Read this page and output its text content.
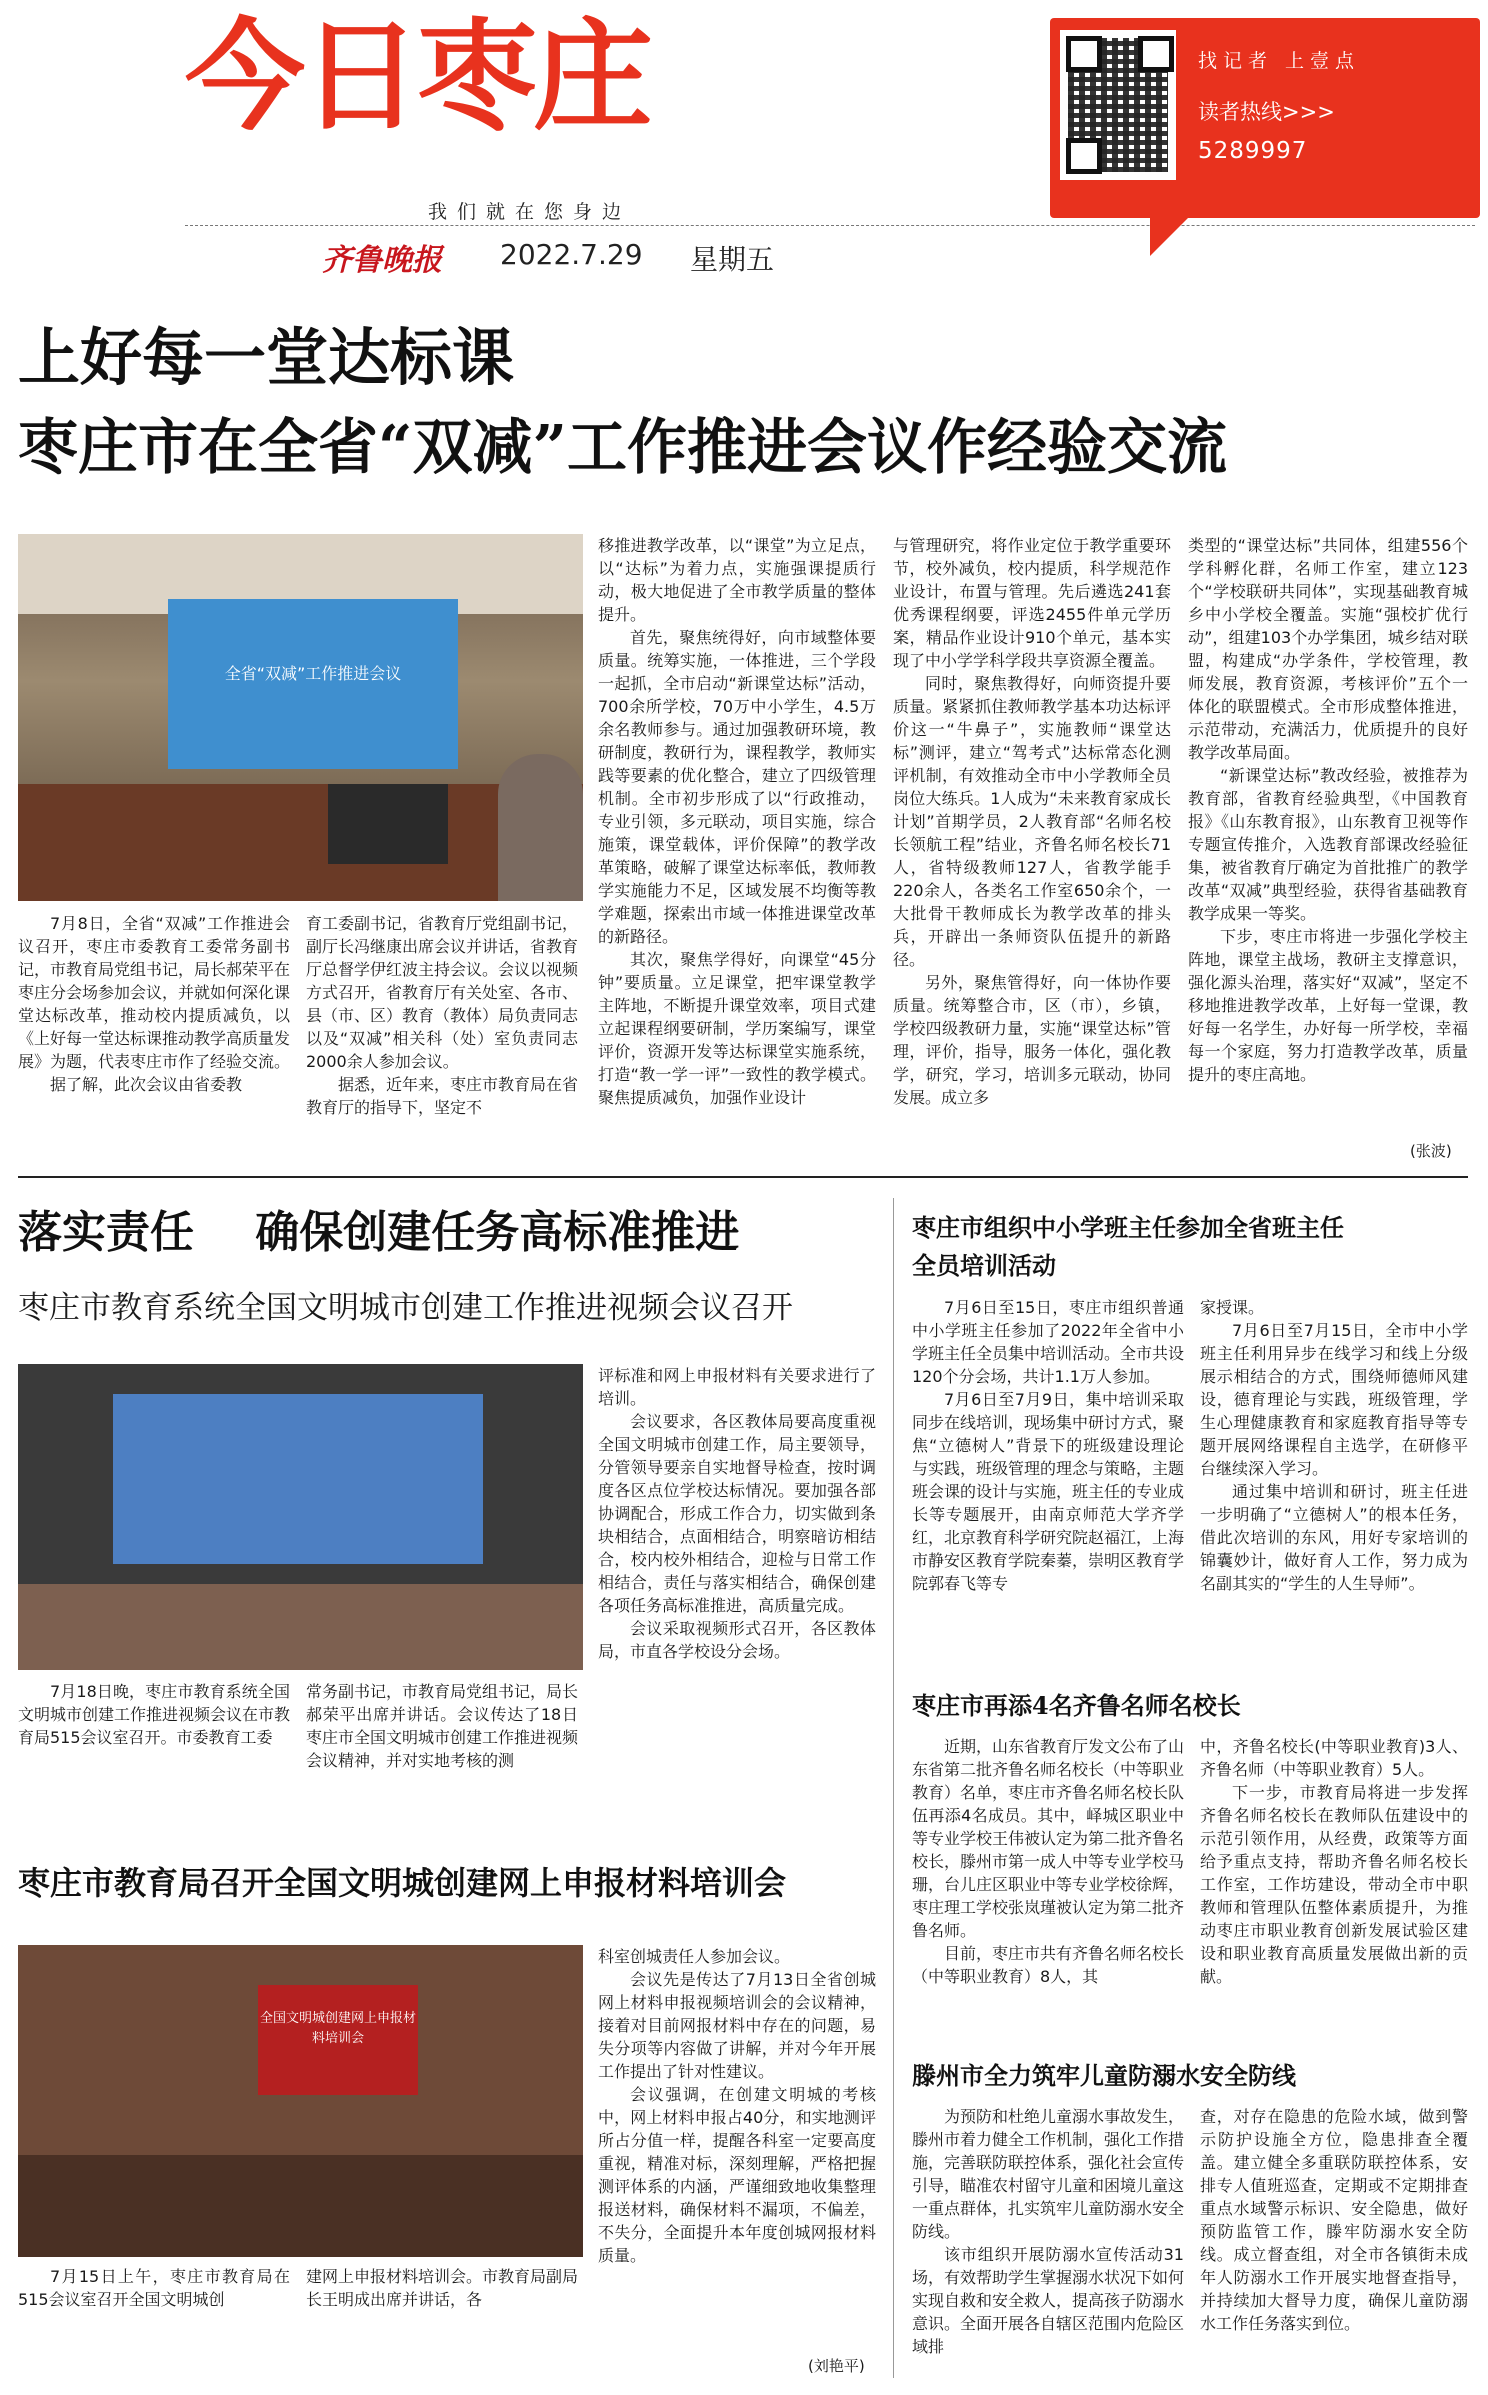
今日枣庄
我们就在您身边
齐鲁晚报 2022.7.29 星期五
找记者 上壹点
读者热线>>>
5289997
上好每一堂达标课
枣庄市在全省“双减”工作推进会议作经验交流
全省“双减”工作推进会议

7月8日，全省“双减”工作推进会议召开，枣庄市委教育工委常务副书记，市教育局党组书记，局长郝荣平在枣庄分会场参加会议，并就如何深化课堂达标改革，推动校内提质减负，以《上好每一堂达标课推动教学高质量发展》为题，代表枣庄市作了经验交流。

据了解，此次会议由省委教

育工委副书记，省教育厅党组副书记，副厅长冯继康出席会议并讲话，省教育厅总督学伊红波主持会议。会议以视频方式召开，省教育厅有关处室、各市、县（市、区）教育（教体）局负责同志以及“双减”相关科（处）室负责同志2000余人参加会议。

据悉，近年来，枣庄市教育局在省教育厅的指导下，坚定不

移推进教学改革，以“课堂”为立足点，以“达标”为着力点，实施强课提质行动，极大地促进了全市教学质量的整体提升。

首先，聚焦统得好，向市域整体要质量。统筹实施，一体推进，三个学段一起抓，全市启动“新课堂达标”活动，700余所学校，70万中小学生，4.5万余名教师参与。通过加强教研环境，教研制度，教研行为，课程教学，教师实践等要素的优化整合，建立了四级管理机制。全市初步形成了以“行政推动，专业引领，多元联动，项目实施，综合施策，课堂载体，评价保障”的教学改革策略，破解了课堂达标率低，教师教学实施能力不足，区域发展不均衡等教学难题，探索出市域一体推进课堂改革的新路径。

其次，聚焦学得好，向课堂“45分钟”要质量。立足课堂，把牢课堂教学主阵地，不断提升课堂效率，项目式建立起课程纲要研制，学历案编写，课堂评价，资源开发等达标课堂实施系统，打造“教一学一评”一致性的教学模式。聚焦提质减负，加强作业设计

与管理研究，将作业定位于教学重要环节，校外减负，校内提质，科学规范作业设计，布置与管理。先后遴选241套优秀课程纲要，评选2455件单元学历案，精品作业设计910个单元，基本实现了中小学学科学段共享资源全覆盖。

同时，聚焦教得好，向师资提升要质量。紧紧抓住教师教学基本功达标评价这一“牛鼻子”，实施教师“课堂达标”测评，建立“驾考式”达标常态化测评机制，有效推动全市中小学教师全员岗位大练兵。1人成为“未来教育家成长计划”首期学员，2人教育部“名师名校长领航工程”结业，齐鲁名师名校长71人，省特级教师127人，省教学能手220余人，各类名工作室650余个，一大批骨干教师成长为教学改革的排头兵，开辟出一条师资队伍提升的新路径。

另外，聚焦管得好，向一体协作要质量。统筹整合市，区（市），乡镇，学校四级教研力量，实施“课堂达标”管理，评价，指导，服务一体化，强化教学，研究，学习，培训多元联动，协同发展。成立多

类型的“课堂达标”共同体，组建556个学科孵化群，名师工作室，建立123个“学校联研共同体”，实现基础教育城乡中小学校全覆盖。实施“强校扩优行动”，组建103个办学集团，城乡结对联盟，构建成“办学条件，学校管理，教师发展，教育资源，考核评价”五个一体化的联盟模式。全市形成整体推进，示范带动，充满活力，优质提升的良好教学改革局面。

“新课堂达标”教改经验，被推荐为教育部，省教育经验典型，《中国教育报》《山东教育报》，山东教育卫视等作专题宣传推介，入选教育部课改经验征集，被省教育厅确定为首批推广的教学改革“双减”典型经验，获得省基础教育教学成果一等奖。

下步，枣庄市将进一步强化学校主阵地，课堂主战场，教研主支撑意识，强化源头治理，落实好“双减”，坚定不移地推进教学改革，上好每一堂课，教好每一名学生，办好每一所学校，幸福每一个家庭，努力打造教学改革，质量提升的枣庄高地。

(张波)
落实责任    确保创建任务高标准推进
枣庄市教育系统全国文明城市创建工作推进视频会议召开

7月18日晚，枣庄市教育系统全国文明城市创建工作推进视频会议在市教育局515会议室召开。市委教育工委

常务副书记，市教育局党组书记，局长郝荣平出席并讲话。会议传达了18日枣庄市全国文明城市创建工作推进视频会议精神，并对实地考核的测

评标准和网上申报材料有关要求进行了培训。

会议要求，各区教体局要高度重视全国文明城市创建工作，局主要领导，分管领导要亲自实地督导检查，按时调度各区点位学校达标情况。要加强各部协调配合，形成工作合力，切实做到条块相结合，点面相结合，明察暗访相结合，校内校外相结合，迎检与日常工作相结合，责任与落实相结合，确保创建各项任务高标准推进，高质量完成。

会议采取视频形式召开，各区教体局，市直各学校设分会场。

枣庄市教育局召开全国文明城创建网上申报材料培训会
全国文明城创建网上申报材料培训会

7月15日上午，枣庄市教育局在515会议室召开全国文明城创

建网上申报材料培训会。市教育局副局长王明成出席并讲话，各

科室创城责任人参加会议。

会议先是传达了7月13日全省创城网上材料申报视频培训会的会议精神，接着对目前网报材料中存在的问题，易失分项等内容做了讲解，并对今年开展工作提出了针对性建议。

会议强调，在创建文明城的考核中，网上材料申报占40分，和实地测评所占分值一样，提醒各科室一定要高度重视，精准对标，深刻理解，严格把握测评体系的内涵，严谨细致地收集整理报送材料，确保材料不漏项，不偏差，不失分，全面提升本年度创城网报材料质量。

(刘艳平)
枣庄市组织中小学班主任参加全省班主任
全员培训活动

7月6日至15日，枣庄市组织普通中小学班主任参加了2022年全省中小学班主任全员集中培训活动。全市共设120个分会场，共计1.1万人参加。

7月6日至7月9日，集中培训采取同步在线培训，现场集中研讨方式，聚焦“立德树人”背景下的班级建设理论与实践，班级管理的理念与策略，主题班会课的设计与实施，班主任的专业成长等专题展开，由南京师范大学齐学红，北京教育科学研究院赵福江，上海市静安区教育学院秦蓁，崇明区教育学院郭春飞等专

家授课。

7月6日至7月15日，全市中小学班主任利用异步在线学习和线上分级展示相结合的方式，围绕师德师风建设，德育理论与实践，班级管理，学生心理健康教育和家庭教育指导等专题开展网络课程自主选学，在研修平台继续深入学习。

通过集中培训和研讨，班主任进一步明确了“立德树人”的根本任务，借此次培训的东风，用好专家培训的锦囊妙计，做好育人工作，努力成为名副其实的“学生的人生导师”。

枣庄市再添4名齐鲁名师名校长

近期，山东省教育厅发文公布了山东省第二批齐鲁名师名校长（中等职业教育）名单，枣庄市齐鲁名师名校长队伍再添4名成员。其中，峄城区职业中等专业学校王伟被认定为第二批齐鲁名校长，滕州市第一成人中等专业学校马珊，台儿庄区职业中等专业学校徐辉，枣庄理工学校张岚瑾被认定为第二批齐鲁名师。

目前，枣庄市共有齐鲁名师名校长（中等职业教育）8人，其

中，齐鲁名校长(中等职业教育)3人、齐鲁名师（中等职业教育）5人。

下一步，市教育局将进一步发挥齐鲁名师名校长在教师队伍建设中的示范引领作用，从经费，政策等方面给予重点支持，帮助齐鲁名师名校长工作室，工作坊建设，带动全市中职教师和管理队伍整体素质提升，为推动枣庄市职业教育创新发展试验区建设和职业教育高质量发展做出新的贡献。

滕州市全力筑牢儿童防溺水安全防线

为预防和杜绝儿童溺水事故发生，滕州市着力健全工作机制，强化工作措施，完善联防联控体系，强化社会宣传引导，瞄准农村留守儿童和困境儿童这一重点群体，扎实筑牢儿童防溺水安全防线。

该市组织开展防溺水宣传活动31场，有效帮助学生掌握溺水状况下如何实现自救和安全救人，提高孩子防溺水意识。全面开展各自辖区范围内危险区域排

查，对存在隐患的危险水域，做到警示防护设施全方位，隐患排查全覆盖。建立健全多重联防联控体系，安排专人值班巡查，定期或不定期排查重点水域警示标识、安全隐患，做好预防监管工作，滕牢防溺水安全防线。成立督查组，对全市各镇街未成年人防溺水工作开展实地督查指导，并持续加大督导力度，确保儿童防溺水工作任务落实到位。
